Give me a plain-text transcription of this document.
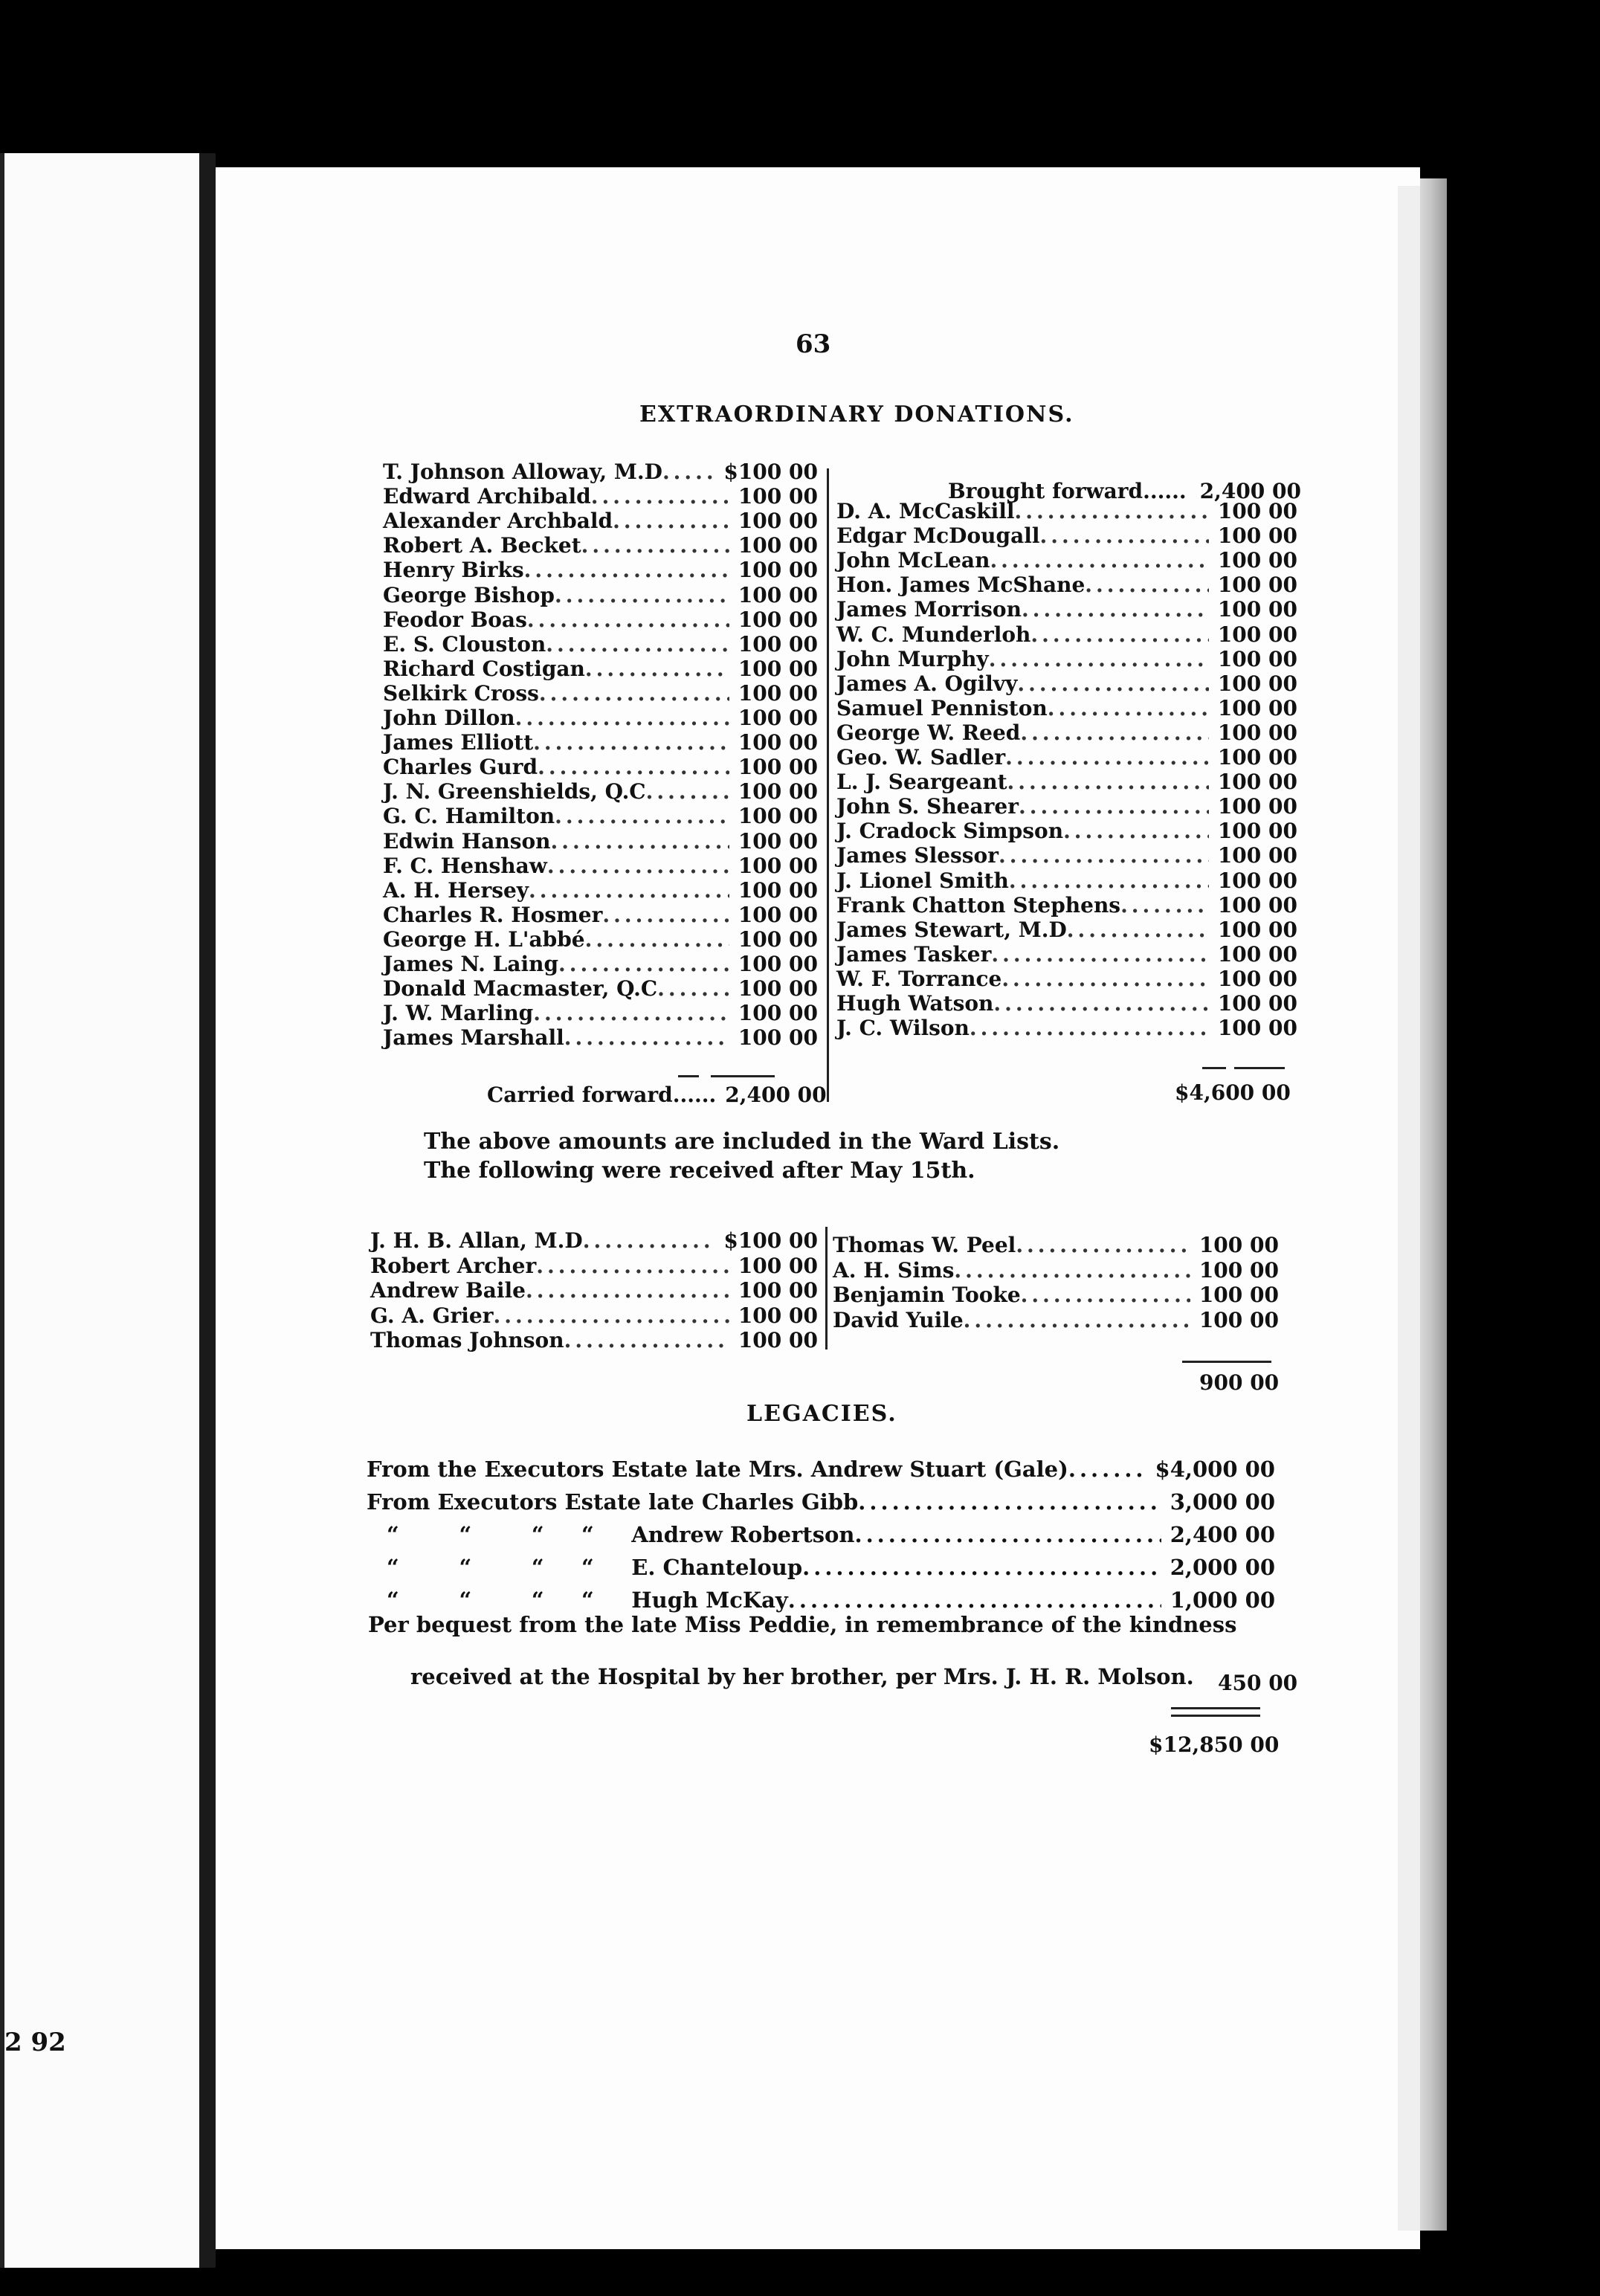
2 92
63
EXTRAORDINARY DONATIONS.
T. Johnson Alloway, M.D .....	$100 00
Edward Archibald .....	100 00
Alexander Archbald .....	100 00
Robert A. Becket .....	100 00
Henry Birks .....	100 00
George Bishop .....	100 00
Feodor Boas .....	100 00
E. S. Clouston .....	100 00
Richard Costigan .....	100 00
Selkirk Cross .....	100 00
John Dillon .....	100 00
James Elliott .....	100 00
Charles Gurd .....	100 00
J. N. Greenshields, Q.C .....	100 00
G. C. Hamilton .....	100 00
Edwin Hanson .....	100 00
F. C. Henshaw .....	100 00
A. H. Hersey .....	100 00
Charles R. Hosmer .....	100 00
George H. L'abbé .....	100 00
James N. Laing .....	100 00
Donald Macmaster, Q.C .....	100 00
J. W. Marling .....	100 00
James Marshall .....	100 00
Carried forward...... 2,400 00
Brought forward...... 2,400 00
D. A. McCaskill .....	100 00
Edgar McDougall .....	100 00
John McLean .....	100 00
Hon. James McShane .....	100 00
James Morrison .....	100 00
W. C. Munderloh .....	100 00
John Murphy .....	100 00
James A. Ogilvy .....	100 00
Samuel Penniston .....	100 00
George W. Reed .....	100 00
Geo. W. Sadler .....	100 00
L. J. Seargeant .....	100 00
John S. Shearer .....	100 00
J. Cradock Simpson .....	100 00
James Slessor .....	100 00
J. Lionel Smith .....	100 00
Frank Chatton Stephens .....	100 00
James Stewart, M.D .....	100 00
James Tasker .....	100 00
W. F. Torrance .....	100 00
Hugh Watson .....	100 00
J. C. Wilson .....	100 00
$4,600 00
The above amounts are included in the Ward Lists.
The following were received after May 15th.
J. H. B. Allan, M.D .....	$100 00
Robert Archer .....	100 00
Andrew Baile .....	100 00
G. A. Grier .....	100 00
Thomas Johnson .....	100 00
Thomas W. Peel .....	100 00
A. H. Sims .....	100 00
Benjamin Tooke .....	100 00
David Yuile .....	100 00
900 00
LEGACIES.
From the Executors Estate late Mrs. Andrew Stuart (Gale) .....	$4,000 00
From Executors Estate late Charles Gibb .....	3,000 00
“        “        “     “     Andrew Robertson .....	2,400 00
“        “        “     “     E. Chanteloup .....	2,000 00
“        “        “     “     Hugh McKay .....	1,000 00
Per bequest from the late Miss Peddie, in remembrance of the kindness
received at the Hospital by her brother, per Mrs. J. H. R. Molson. 450 00
$12,850 00
